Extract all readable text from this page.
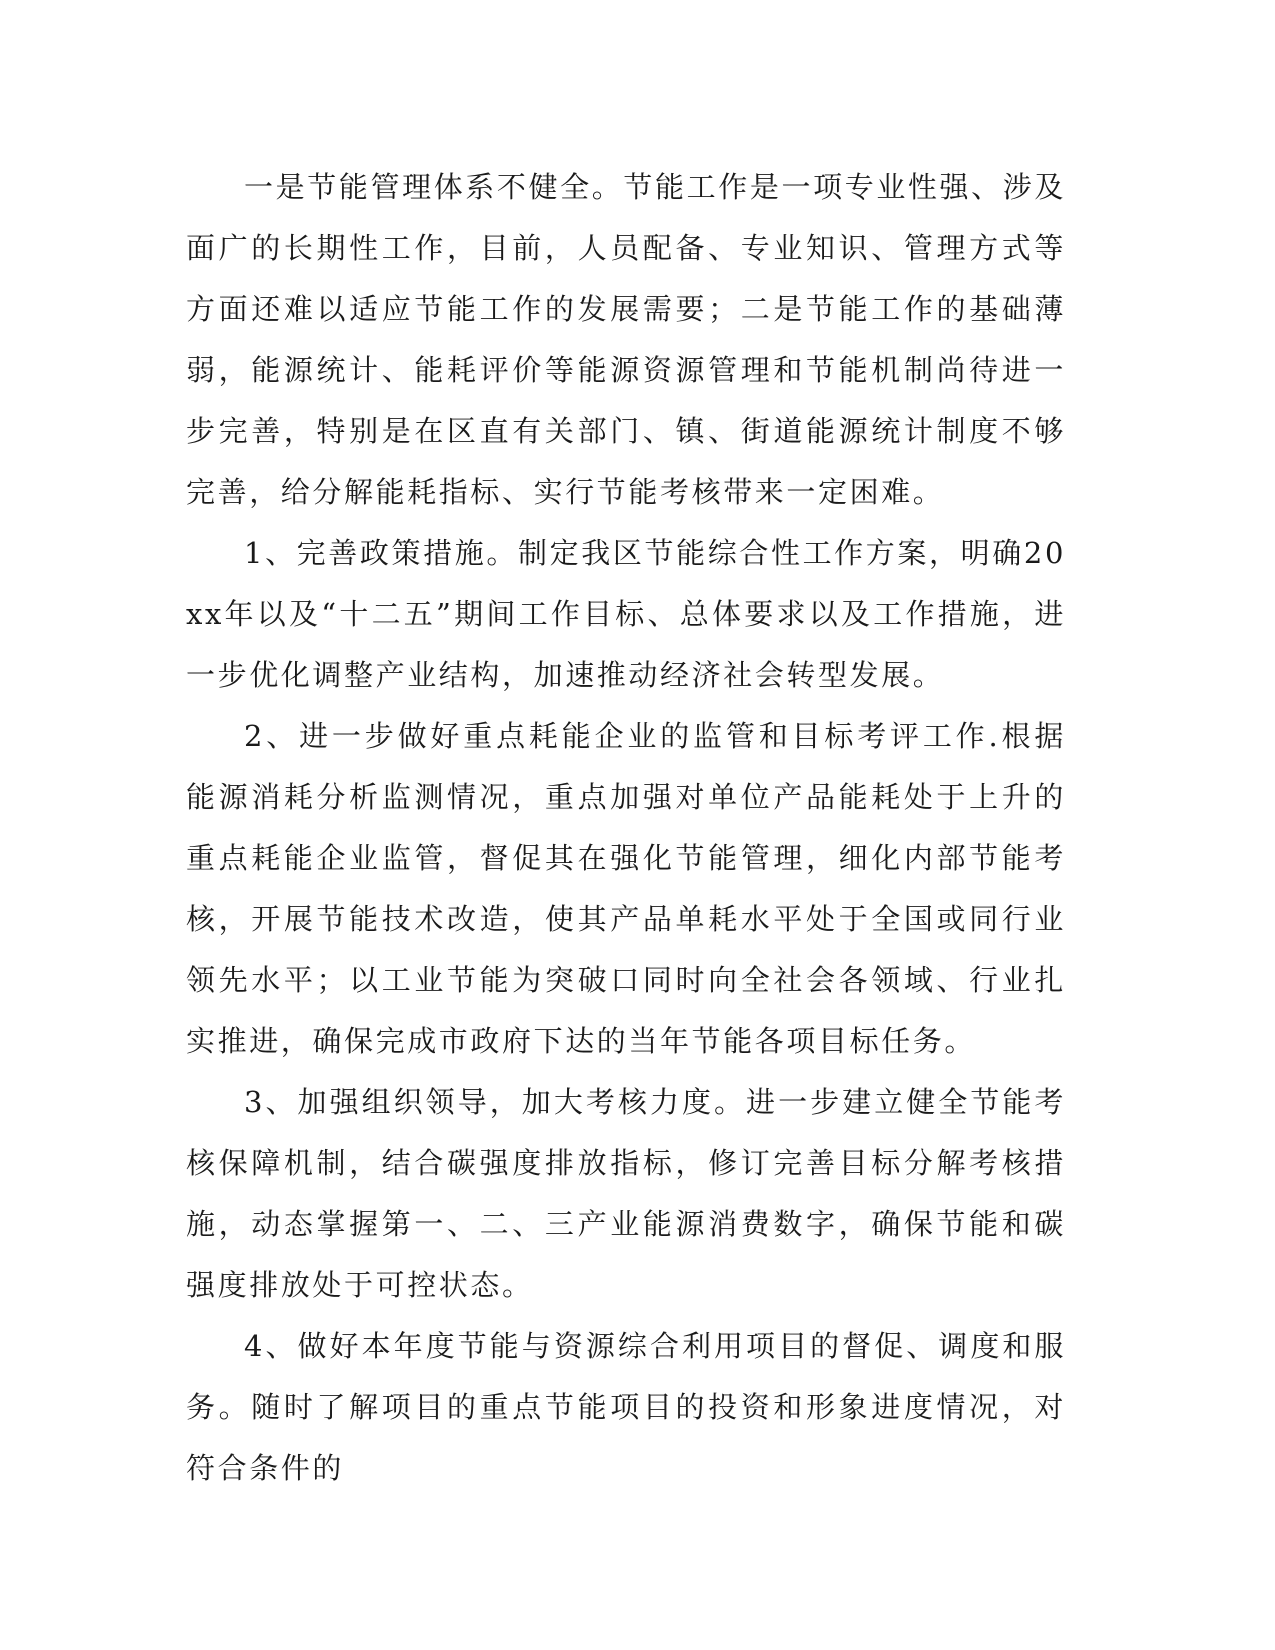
一是节能管理体系不健全。节能工作是一项专业性强、涉及面广的长期性工作，目前，人员配备、专业知识、管理方式等方面还难以适应节能工作的发展需要；二是节能工作的基础薄弱，能源统计、能耗评价等能源资源管理和节能机制尚待进一步完善，特别是在区直有关部门、镇、街道能源统计制度不够完善，给分解能耗指标、实行节能考核带来一定困难。

1、完善政策措施。制定我区节能综合性工作方案，明确20xx年以及“十二五”期间工作目标、总体要求以及工作措施，进一步优化调整产业结构，加速推动经济社会转型发展。

2、进一步做好重点耗能企业的监管和目标考评工作.根据能源消耗分析监测情况，重点加强对单位产品能耗处于上升的重点耗能企业监管，督促其在强化节能管理，细化内部节能考核，开展节能技术改造，使其产品单耗水平处于全国或同行业领先水平；以工业节能为突破口同时向全社会各领域、行业扎实推进，确保完成市政府下达的当年节能各项目标任务。

3、加强组织领导，加大考核力度。进一步建立健全节能考核保障机制，结合碳强度排放指标，修订完善目标分解考核措施，动态掌握第一、二、三产业能源消费数字，确保节能和碳强度排放处于可控状态。

4、做好本年度节能与资源综合利用项目的督促、调度和服务。随时了解项目的重点节能项目的投资和形象进度情况，对符合条件的
